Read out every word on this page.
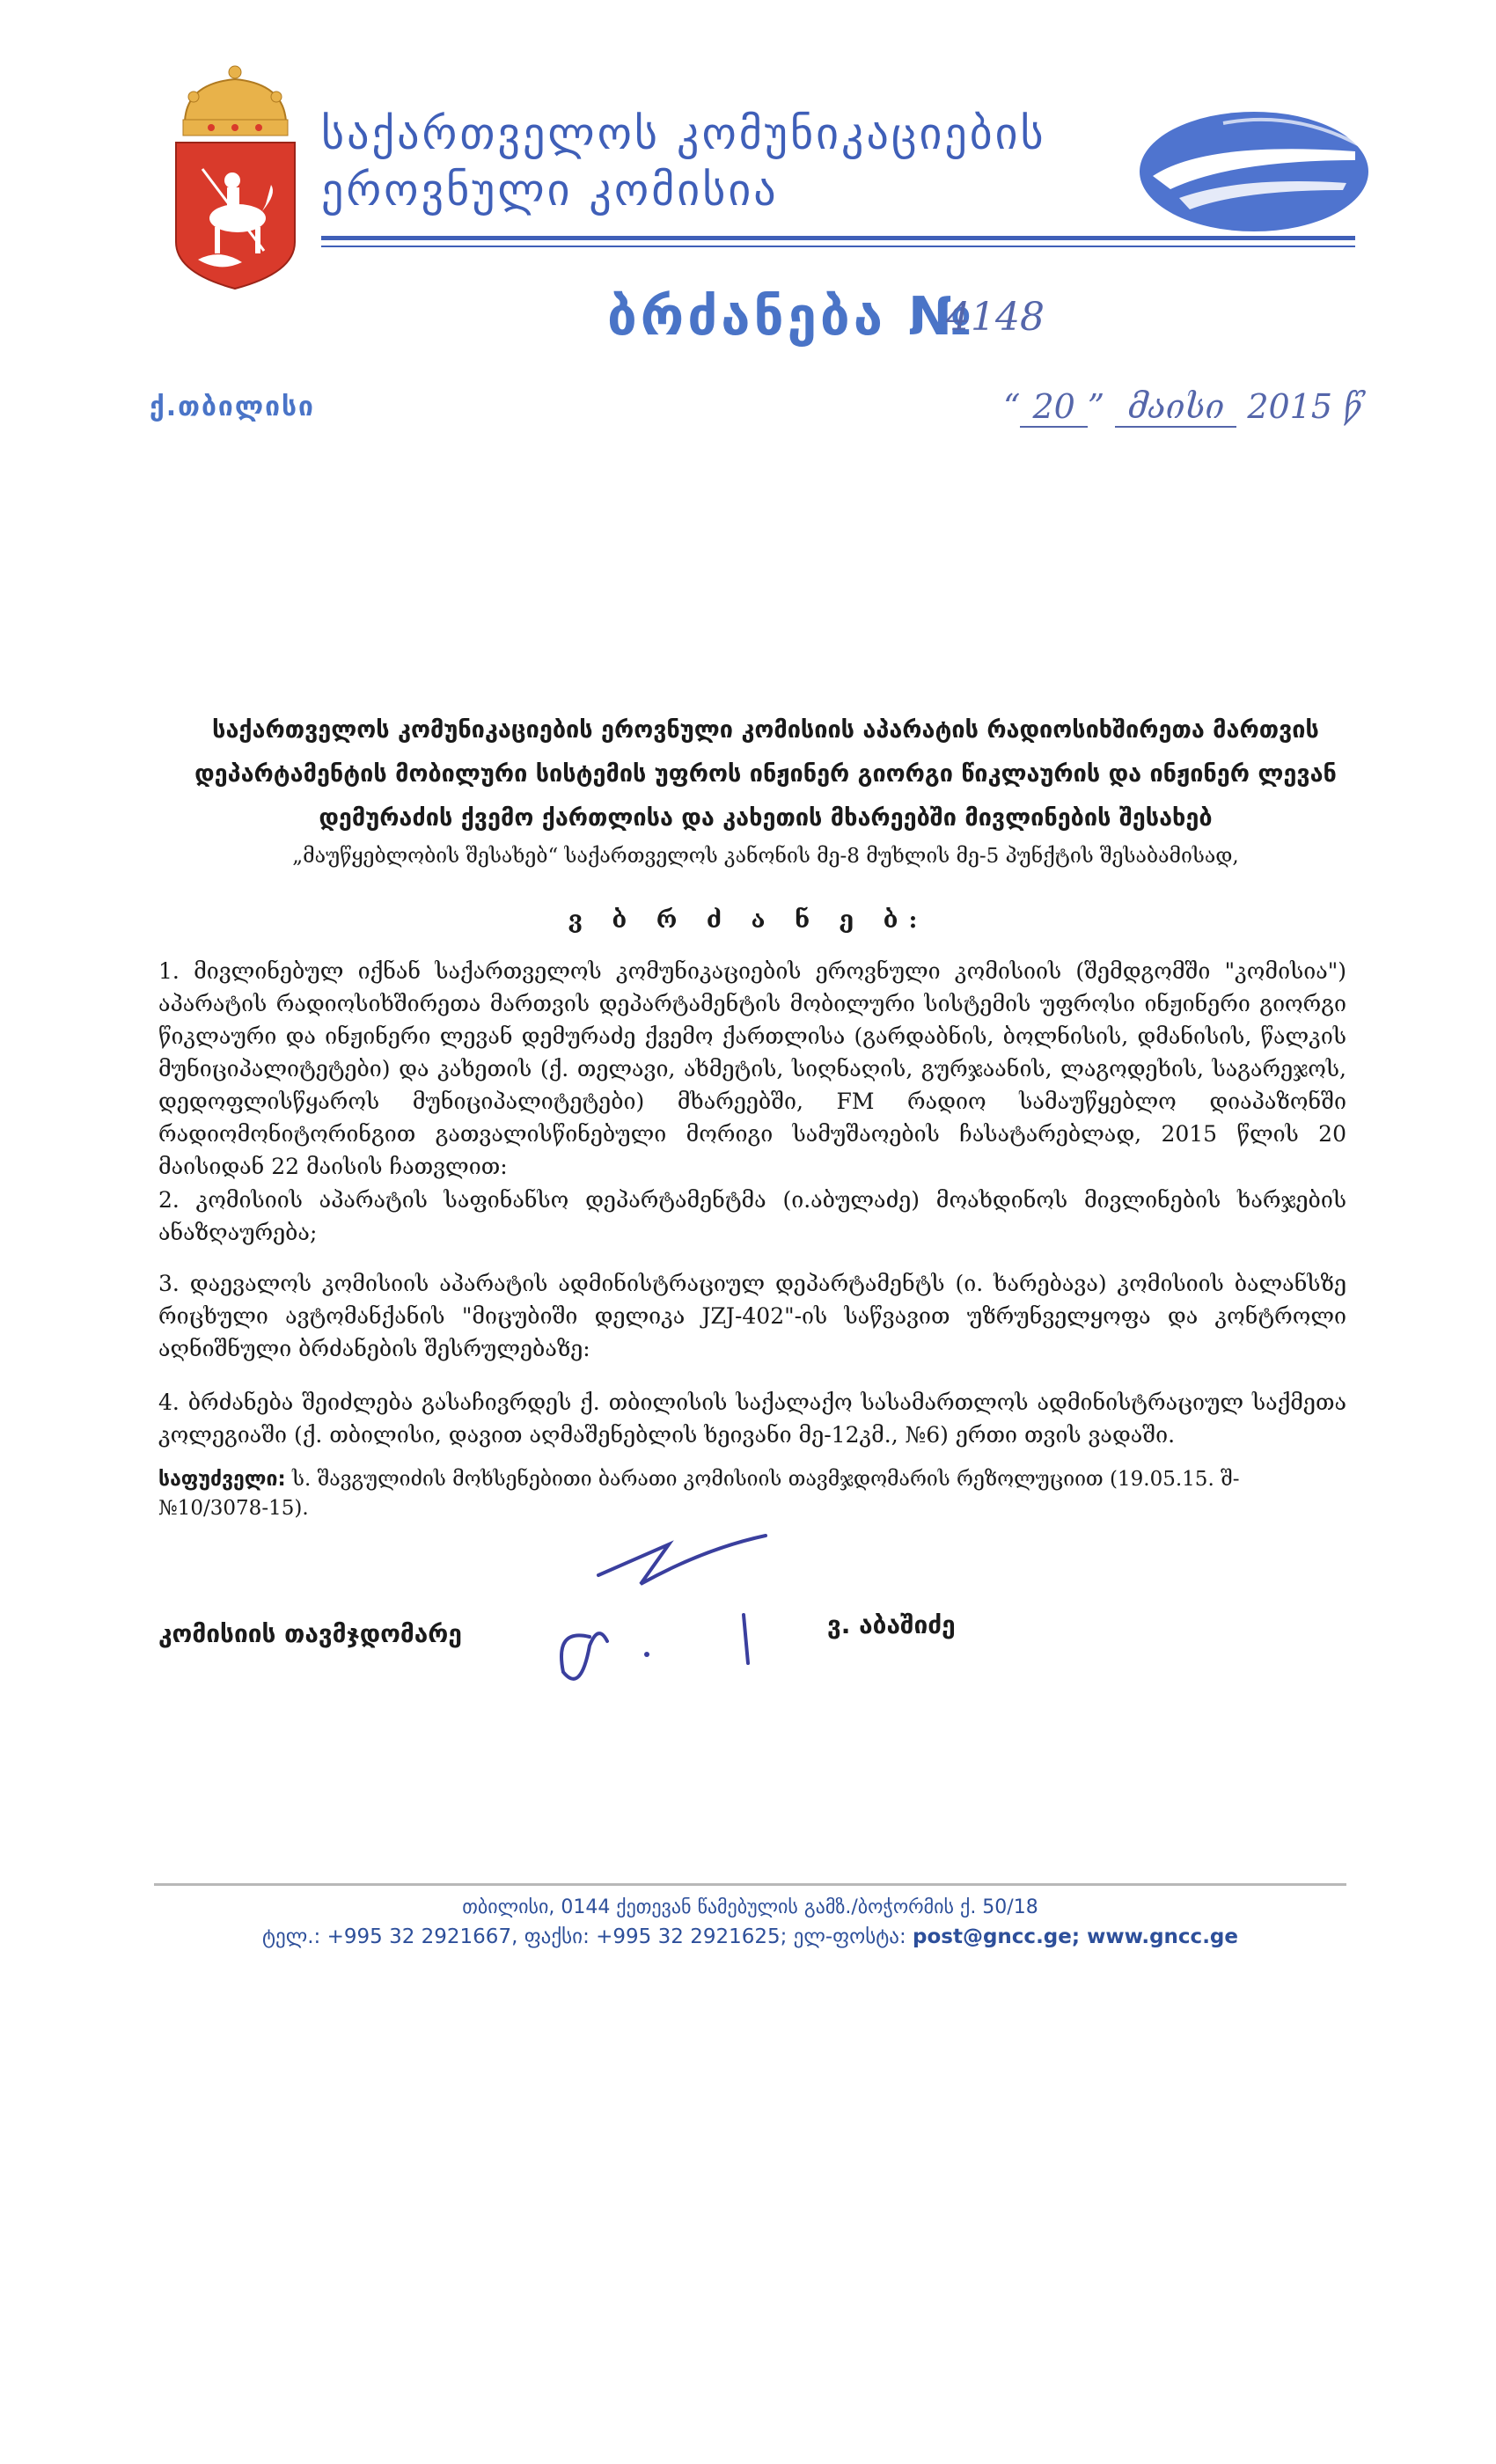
საქართველოს კომუნიკაციების
ეროვნული კომისია
ბრძანება №
4148
ქ.თბილისი	“ 20 ” მაისი 2015 წ
საქართველოს კომუნიკაციების ეროვნული კომისიის აპარატის რადიოსიხშირეთა მართვის დეპარტამენტის მობილური სისტემის უფროს ინჟინერ გიორგი წიკლაურის და ინჟინერ ლევან დემურაძის ქვემო ქართლისა და კახეთის მხარეებში მივლინების შესახებ
„მაუწყებლობის შესახებ“ საქართველოს კანონის მე-8 მუხლის მე-5 პუნქტის შესაბამისად,
ვ ბ რ ძ ა ნ ე ბ:
1. მივლინებულ იქნან საქართველოს კომუნიკაციების ეროვნული კომისიის (შემდგომში "კომისია") აპარატის რადიოსიხშირეთა მართვის დეპარტამენტის მობილური სისტემის უფროსი ინჟინერი გიორგი წიკლაური და ინჟინერი ლევან დემურაძე ქვემო ქართლისა (გარდაბნის, ბოლნისის, დმანისის, წალკის მუნიციპალიტეტები) და კახეთის (ქ. თელავი, ახმეტის, სიღნაღის, გურჯაანის, ლაგოდეხის, საგარეჯოს, დედოფლისწყაროს მუნიციპალიტეტები) მხარეებში, FM რადიო სამაუწყებლო დიაპაზონში რადიომონიტორინგით გათვალისწინებული მორიგი სამუშაოების ჩასატარებლად, 2015 წლის 20 მაისიდან 22 მაისის ჩათვლით:
2. კომისიის აპარატის საფინანსო დეპარტამენტმა (ი.აბულაძე) მოახდინოს მივლინების ხარჯების ანაზღაურება;
3. დაევალოს კომისიის აპარატის ადმინისტრაციულ დეპარტამენტს (ი. ხარებავა) კომისიის ბალანსზე რიცხული ავტომანქანის "მიცუბიში დელიკა JZJ-402"-ის საწვავით უზრუნველყოფა და კონტროლი აღნიშნული ბრძანების შესრულებაზე:
4. ბრძანება შეიძლება გასაჩივრდეს ქ. თბილისის საქალაქო სასამართლოს ადმინისტრაციულ საქმეთა კოლეგიაში (ქ. თბილისი, დავით აღმაშენებლის ხეივანი მე-12კმ., №6) ერთი თვის ვადაში.
საფუძველი: ს. შავგულიძის მოხსენებითი ბარათი კომისიის თავმჯდომარის რეზოლუციით (19.05.15. შ-№10/3078-15).
კომისიის თავმჯდომარე	ვ. აბაშიძე
თბილისი, 0144 ქეთევან წამებულის გამზ./ბოჭორმის ქ. 50/18
ტელ.: +995 32 2921667, ფაქსი: +995 32 2921625; ელ-ფოსტა: post@gncc.ge; www.gncc.ge
